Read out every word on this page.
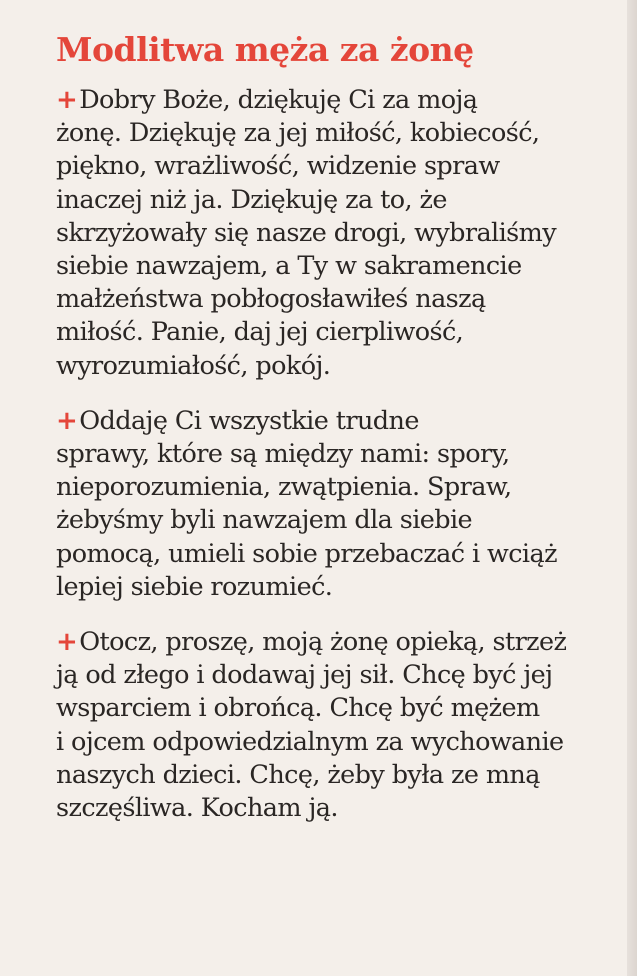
Modlitwa męża za żonę
+Dobry Boże, dziękuję Ci za moją
żonę. Dziękuję za jej miłość, kobiecość,
piękno, wrażliwość, widzenie spraw
inaczej niż ja. Dziękuję za to, że
skrzyżowały się nasze drogi, wybraliśmy
siebie nawzajem, a Ty w sakramencie
małżeństwa pobłogosławiłeś naszą
miłość. Panie, daj jej cierpliwość,
wyrozumiałość, pokój.
+Oddaję Ci wszystkie trudne
sprawy, które są między nami: spory,
nieporozumienia, zwątpienia. Spraw,
żebyśmy byli nawzajem dla siebie
pomocą, umieli sobie przebaczać i wciąż
lepiej siebie rozumieć.
+Otocz, proszę, moją żonę opieką, strzeż
ją od złego i dodawaj jej sił. Chcę być jej
wsparciem i obrońcą. Chcę być mężem
i ojcem odpowiedzialnym za wychowanie
naszych dzieci. Chcę, żeby była ze mną
szczęśliwa. Kocham ją.
